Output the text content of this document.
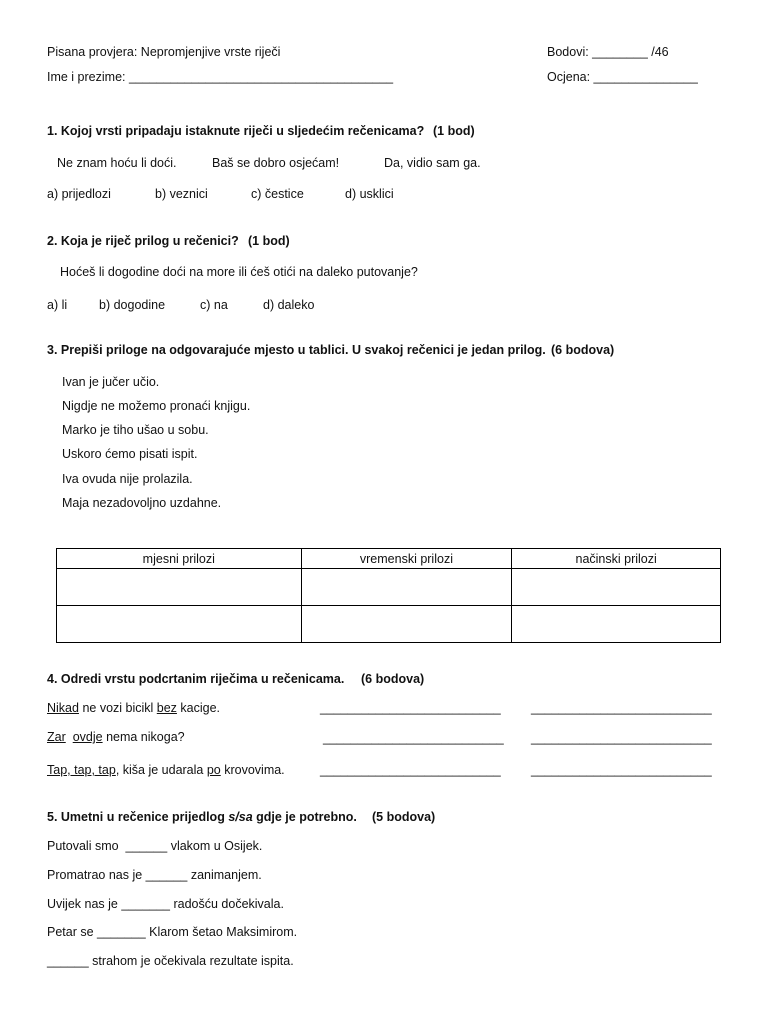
Pisana provjera: Nepromjenjive vrste riječi	Bodovi: ________ /46
Ime i prezime: ______________________________________	Ocjena: _______________
1. Kojoj vrsti pripadaju istaknute riječi u sljedećim rečenicama? (1 bod)
Ne znam hoću li doći.	Baš se dobro osjećam!	Da, vidio sam ga.
a) prijedlozi	b) veznici	c) čestice	d) usklici
2. Koja je riječ prilog u rečenici? (1 bod)
Hoćeš li dogodine doći na more ili ćeš otići na daleko putovanje?
a) li	b) dogodine	c) na	d) daleko
3. Prepiši priloge na odgovarajuće mjesto u tablici. U svakoj rečenici je jedan prilog. (6 bodova)
Ivan je jučer učio.
Nigdje ne možemo pronaći knjigu.
Marko je tiho ušao u sobu.
Uskoro ćemo pisati ispit.
Iva ovuda nije prolazila.
Maja nezadovoljno uzdahne.
mjesni prilozi	vremenski prilozi	načinski prilozi

4. Odredi vrstu podcrtanim riječima u rečenicama. (6 bodova)
Nikad ne vozi bicikl bez kacige.	__________________________ __________________________
Zar ovdje nema nikoga?	__________________________ __________________________
Tap, tap, tap, kiša je udarala po krovovima.	__________________________ __________________________
5. Umetni u rečenice prijedlog s/sa gdje je potrebno. (5 bodova)
Putovali smo  ______ vlakom u Osijek.
Promatrao nas je ______ zanimanjem.
Uvijek nas je _______ radošću dočekivala.
Petar se _______ Klarom šetao Maksimirom.
______ strahom je očekivala rezultate ispita.
